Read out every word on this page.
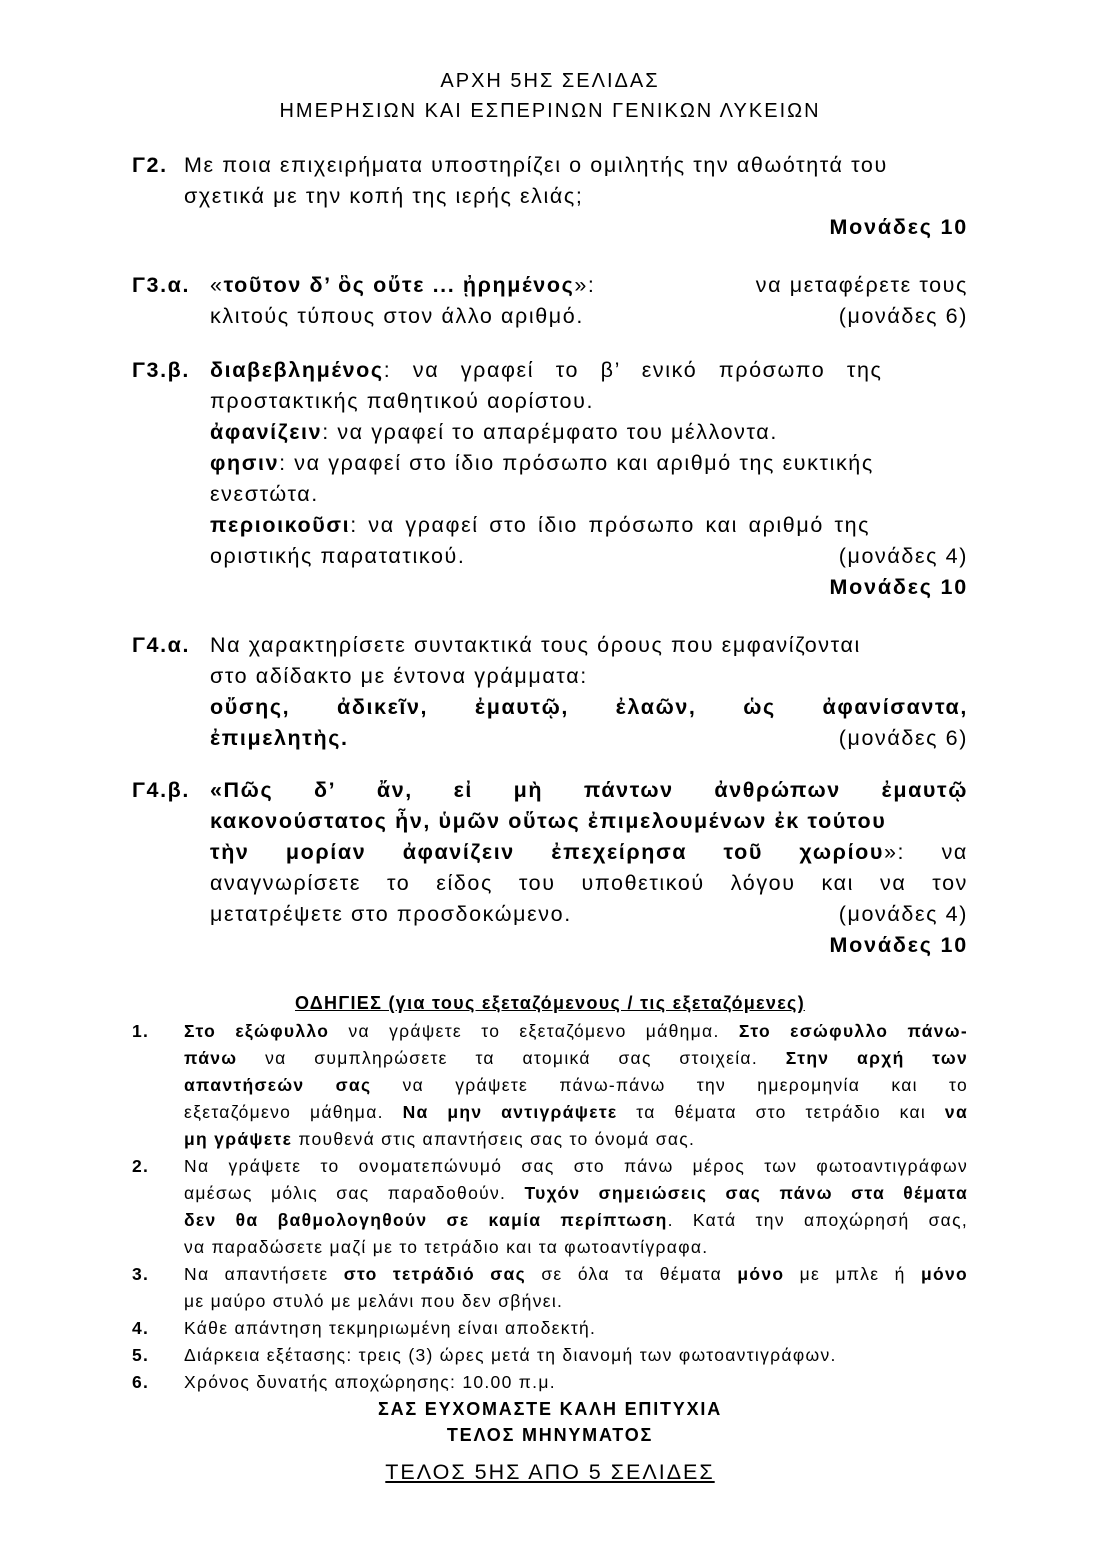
ΑΡΧΗ 5ΗΣ ΣΕΛΙΔΑΣ
ΗΜΕΡΗΣΙΩΝ ΚΑΙ ΕΣΠΕΡΙΝΩΝ ΓΕΝΙΚΩΝ ΛΥΚΕΙΩΝ
Γ2. Με ποια επιχειρήματα υποστηρίζει ο ομιλητής την αθωότητά του
σχετικά με την κοπή της ιερής ελιάς;
Μονάδες 10
Γ3.α. «τοῦτον δ’ ὃς οὔτε ... ᾐρημένος»:	να μεταφέρετε τους
κλιτούς τύπους στον άλλο αριθμό.	(μονάδες 6)
Γ3.β. διαβεβλημένος: να γραφεί το β’ ενικό πρόσωπο της
προστακτικής παθητικού αορίστου.
ἀφανίζειν: να γραφεί το απαρέμφατο του μέλλοντα.
φησιν: να γραφεί στο ίδιο πρόσωπο και αριθμό της ευκτικής
ενεστώτα.
περιοικοῦσι: να γραφεί στο ίδιο πρόσωπο και αριθμό της
οριστικής παρατατικού.	(μονάδες 4)
Μονάδες 10
Γ4.α. Να χαρακτηρίσετε συντακτικά τους όρους που εμφανίζονται
στο αδίδακτο με έντονα γράμματα:
οὔσης, ἀδικεῖν, ἐμαυτῷ, ἐλαῶν, ὡς ἀφανίσαντα,
ἐπιμελητὴς.	(μονάδες 6)
Γ4.β. «Πῶς δ’ ἄν, εἰ μὴ πάντων ἀνθρώπων ἐμαυτῷ
κακονούστατος ἦν, ὑμῶν οὕτως ἐπιμελουμένων ἐκ τούτου
τὴν μορίαν ἀφανίζειν ἐπεχείρησα τοῦ χωρίου»: να
αναγνωρίσετε το είδος του υποθετικού λόγου και να τον
μετατρέψετε στο προσδοκώμενο.	(μονάδες 4)
Μονάδες 10
ΟΔΗΓΙΕΣ (για τους εξεταζόμενους / τις εξεταζόμενες)
1. Στο εξώφυλλο να γράψετε το εξεταζόμενο μάθημα. Στο εσώφυλλο πάνω-
πάνω να συμπληρώσετε τα ατομικά σας στοιχεία. Στην αρχή των
απαντήσεών σας να γράψετε πάνω-πάνω την ημερομηνία και το
εξεταζόμενο μάθημα. Να μην αντιγράψετε τα θέματα στο τετράδιο και να
μη γράψετε πουθενά στις απαντήσεις σας το όνομά σας.
2. Να γράψετε το ονοματεπώνυμό σας στο πάνω μέρος των φωτοαντιγράφων
αμέσως μόλις σας παραδοθούν. Τυχόν σημειώσεις σας πάνω στα θέματα
δεν θα βαθμολογηθούν σε καμία περίπτωση. Κατά την αποχώρησή σας,
να παραδώσετε μαζί με το τετράδιο και τα φωτοαντίγραφα.
3. Να απαντήσετε στο τετράδιό σας σε όλα τα θέματα μόνο με μπλε ή μόνο
με μαύρο στυλό με μελάνι που δεν σβήνει.
4. Κάθε απάντηση τεκμηριωμένη είναι αποδεκτή.
5. Διάρκεια εξέτασης: τρεις (3) ώρες μετά τη διανομή των φωτοαντιγράφων.
6. Χρόνος δυνατής αποχώρησης: 10.00 π.μ.
ΣΑΣ ΕΥΧΟΜΑΣΤΕ ΚΑΛΗ ΕΠΙΤΥΧΙΑ
ΤΕΛΟΣ ΜΗΝΥΜΑΤΟΣ
ΤΕΛΟΣ 5ΗΣ ΑΠΟ 5 ΣΕΛΙΔΕΣ
